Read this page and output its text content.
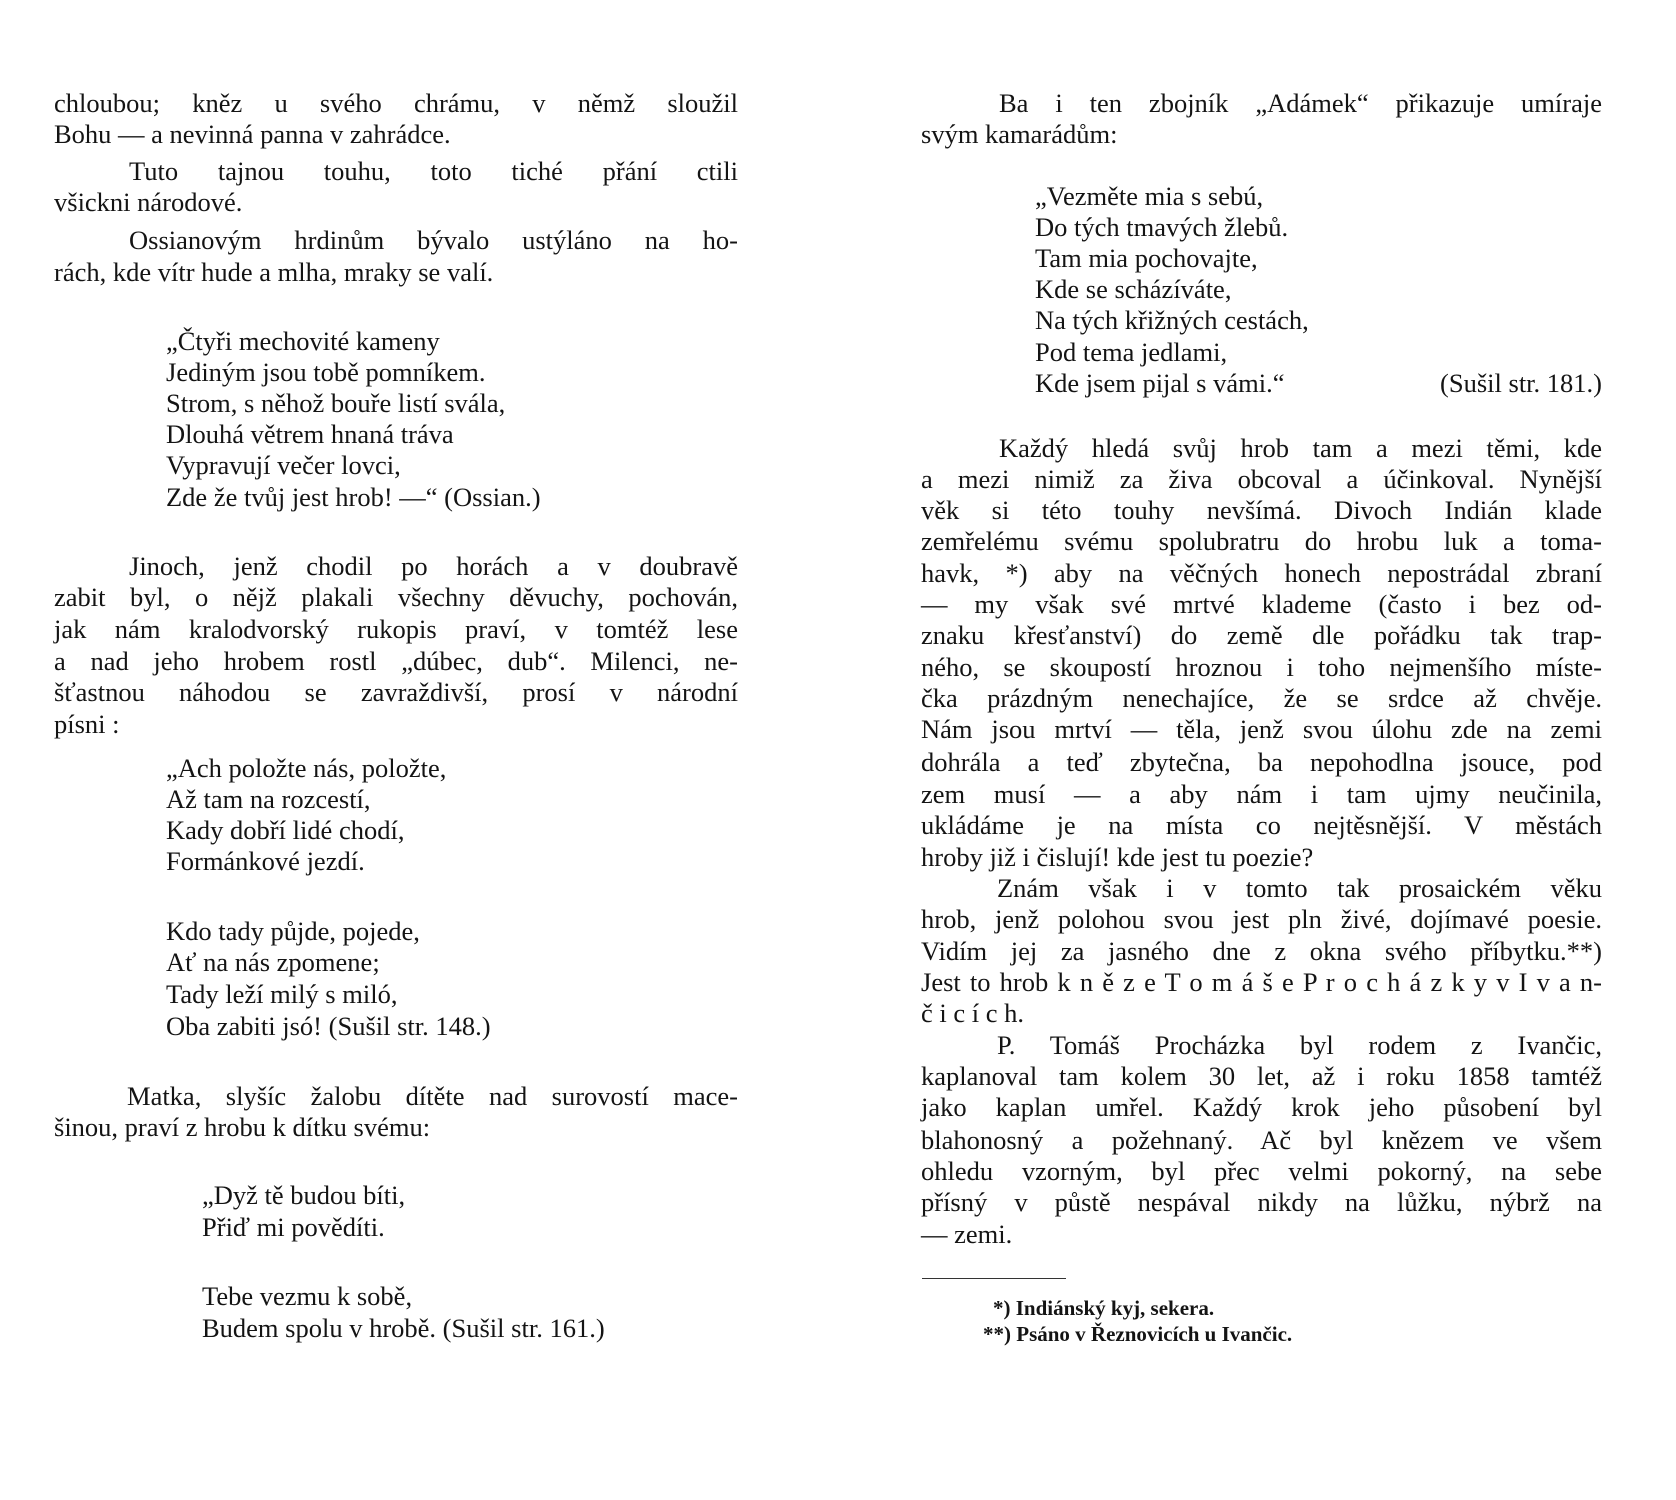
chloubou; kněz u svého chrámu, v němž sloužil
Bohu — a nevinná panna v zahrádce.
Tuto tajnou touhu, toto tiché přání ctili
všickni národové.
Ossianovým hrdinům bývalo ustýláno na ho-
rách, kde vítr hude a mlha, mraky se valí.
„Čtyři mechovité kameny
Jediným jsou tobě pomníkem.
Strom, s něhož bouře listí svála,
Dlouhá větrem hnaná tráva
Vypravují večer lovci,
Zde že tvůj jest hrob! —“ (Ossian.)
Jinoch, jenž chodil po horách a v doubravě
zabit byl, o nějž plakali všechny děvuchy, pochován,
jak nám kralodvorský rukopis praví, v tomtéž lese
a nad jeho hrobem rostl „dúbec, dub“. Milenci, ne-
šťastnou náhodou se zavraždivší, prosí v národní
písni :
„Ach položte nás, položte,
Až tam na rozcestí,
Kady dobří lidé chodí,
Formánkové jezdí.
Kdo tady půjde, pojede,
Ať na nás zpomene;
Tady leží milý s miló,
Oba zabiti jsó! (Sušil str. 148.)
Matka, slyšíc žalobu dítěte nad surovostí mace-
šinou, praví z hrobu k dítku svému:
„Dyž tě budou bíti,
Přiď mi povědíti.
Tebe vezmu k sobě,
Budem spolu v hrobě. (Sušil str. 161.)
Ba i ten zbojník „Adámek“ přikazuje umíraje
svým kamarádům:
„Vezměte mia s sebú,
Do tých tmavých žlebů.
Tam mia pochovajte,
Kde se scházíváte,
Na tých křižných cestách,
Pod tema jedlami,
Kde jsem pijal s vámi.“	(Sušil str. 181.)
Každý hledá svůj hrob tam a mezi těmi, kde
a mezi nimiž za živa obcoval a účinkoval. Nynější
věk si této touhy nevšímá. Divoch Indián klade
zemřelému svému spolubratru do hrobu luk a toma-
havk, *) aby na věčných honech nepostrádal zbraní
— my však své mrtvé klademe (často i bez od-
znaku křesťanství) do země dle pořádku tak trap-
ného, se skoupostí hroznou i toho nejmenšího míste-
čka prázdným nenechajíce, že se srdce až chvěje.
Nám jsou mrtví — těla, jenž svou úlohu zde na zemi
dohrála a teď zbytečna, ba nepohodlna jsouce, pod
zem musí — a aby nám i tam ujmy neučinila,
ukládáme je na místa co nejtěsnější. V městách
hroby již i čislují! kde jest tu poezie?
Znám však i v tomto tak prosaickém věku
hrob, jenž polohou svou jest pln živé, dojímavé poesie.
Vidím jej za jasného dne z okna svého příbytku.**)
Jest to hrob k n ě z e T o m á š e P r o c h á z k y v I v a n-
č i c í c h.
P. Tomáš Procházka byl rodem z Ivančic,
kaplanoval tam kolem 30 let, až i roku 1858 tamtéž
jako kaplan umřel. Každý krok jeho působení byl
blahonosný a požehnaný. Ač byl knězem ve všem
ohledu vzorným, byl přec velmi pokorný, na sebe
přísný v půstě nespával nikdy na lůžku, nýbrž na
— zemi.
*) Indiánský kyj, sekera.
**) Psáno v Řeznovicích u Ivančic.
